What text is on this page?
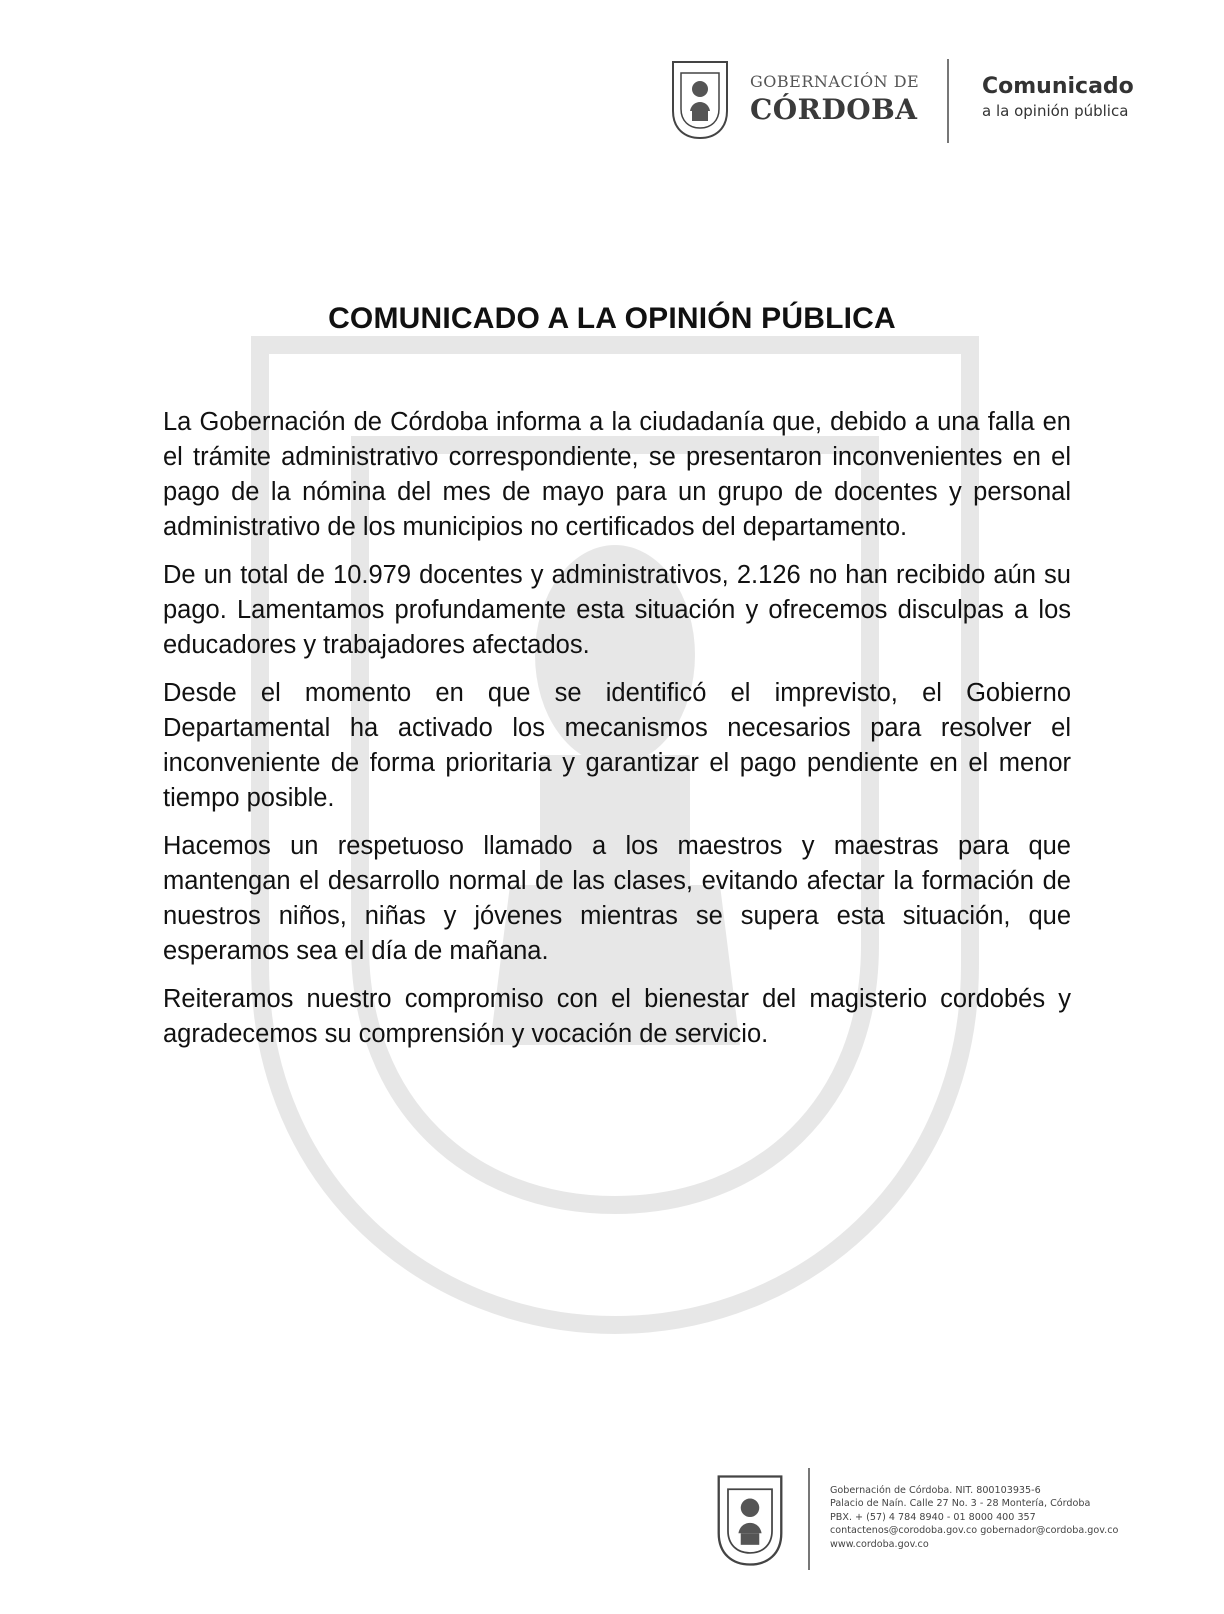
GOBERNACIÓN DE
CÓRDOBA
Comunicado
a la opinión pública
COMUNICADO A LA OPINIÓN PÚBLICA

La Gobernación de Córdoba informa a la ciudadanía que, debido a una falla en el trámite administrativo correspondiente, se presentaron inconvenientes en el pago de la nómina del mes de mayo para un grupo de docentes y personal administrativo de los municipios no certificados del departamento.

De un total de 10.979 docentes y administrativos, 2.126 no han recibido aún su pago. Lamentamos profundamente esta situación y ofrecemos disculpas a los educadores y trabajadores afectados.

Desde el momento en que se identificó el imprevisto, el Gobierno Departamental ha activado los mecanismos necesarios para resolver el inconveniente de forma prioritaria y garantizar el pago pendiente en el menor tiempo posible.

Hacemos un respetuoso llamado a los maestros y maestras para que mantengan el desarrollo normal de las clases, evitando afectar la formación de nuestros niños, niñas y jóvenes mientras se supera esta situación, que esperamos sea el día de mañana.

Reiteramos nuestro compromiso con el bienestar del magisterio cordobés y agradecemos su comprensión y vocación de servicio.

Gobernación de Córdoba. NIT. 800103935-6
Palacio de Naín. Calle 27 No. 3 - 28 Montería, Córdoba
PBX. + (57) 4 784 8940 - 01 8000 400 357
contactenos@corodoba.gov.co gobernador@cordoba.gov.co
www.cordoba.gov.co
